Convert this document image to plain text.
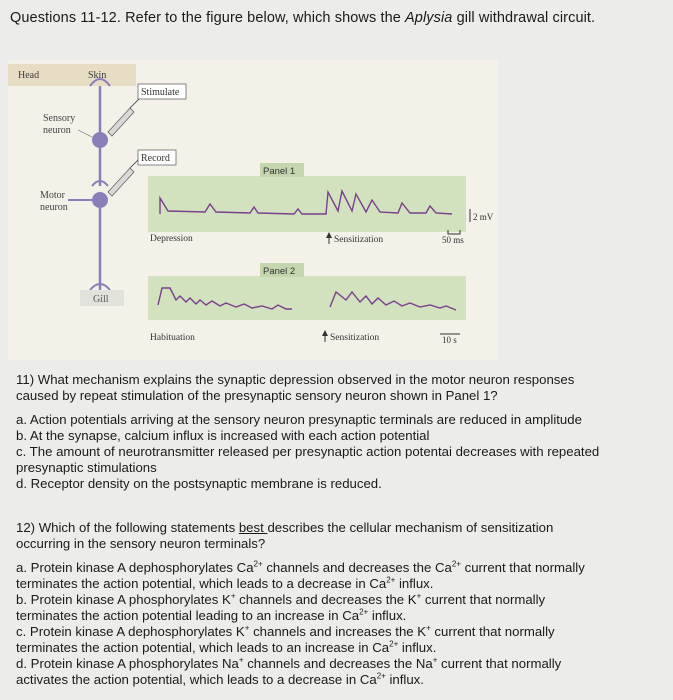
Questions 11-12. Refer to the figure below, which shows the Aplysia gill withdrawal circuit.
Head	Skin
Stimulate
Record
Sensory
neuron
Motor
neuron
Gill
Panel 1
Depression	Sensitization
2 mV
50 ms
Panel 2
Habituation	Sensitization	10 s

11) What mechanism explains the synaptic depression observed in the motor neuron responses

caused by repeat stimulation of the presynaptic sensory neuron shown in Panel 1?

a. Action potentials arriving at the sensory neuron presynaptic terminals are reduced in amplitude

b. At the synapse, calcium influx is increased with each action potential

c. The amount of neurotransmitter released per presynaptic action potentai decreases with repeated

presynaptic stimulations

d. Receptor density on the postsynaptic membrane is reduced.

12) Which of the following statements best describes the cellular mechanism of sensitization

occurring in the sensory neuron terminals?

a. Protein kinase A dephosphorylates $Ca^{2+}$ channels and decreases the $Ca^{2+}$ current that normally

terminates the action potential, which leads to a decrease in $Ca^{2+}$ influx.

b. Protein kinase A phosphorylates K+ channels and decreases the K+ current that normally

terminates the action potential leading to an increase in $Ca^{2+}$ influx.

c. Protein kinase A dephosphorylates K+ channels and increases the K+ current that normally

terminates the action potential, which leads to an increase in $Ca^{2+}$ influx.

d. Protein kinase A phosphorylates Na+ channels and decreases the Na+ current that normally

activates the action potential, which leads to a decrease in $Ca^{2+}$ influx.
